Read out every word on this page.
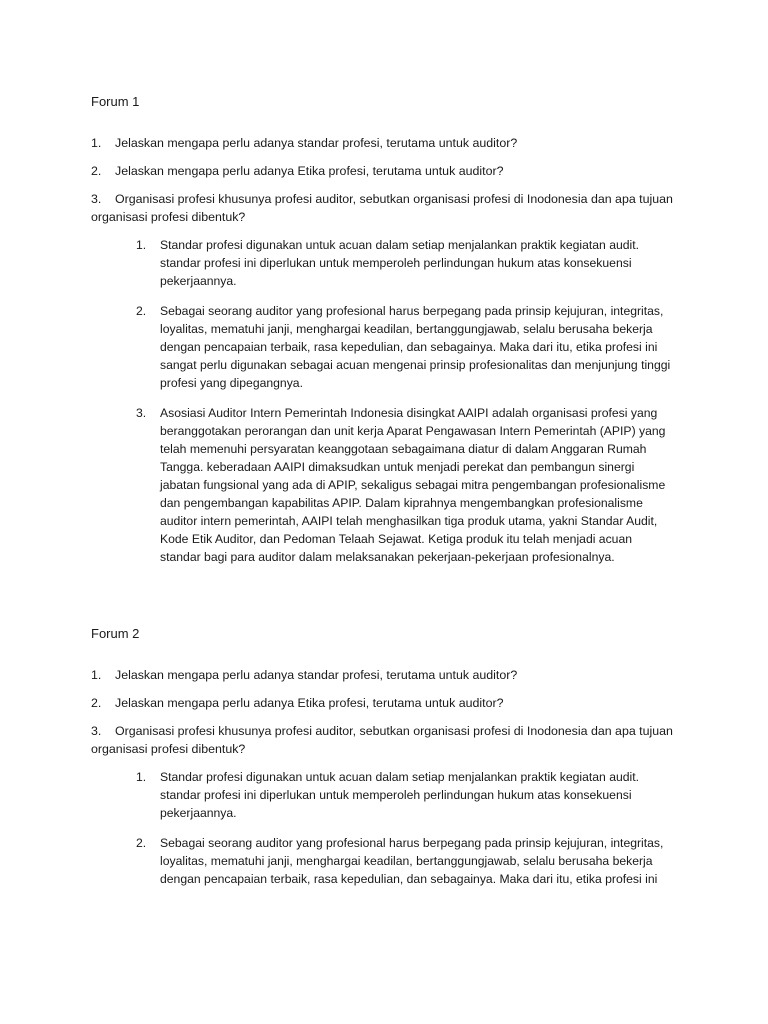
Forum 1

1. Jelaskan mengapa perlu adanya standar profesi, terutama untuk auditor?

2. Jelaskan mengapa perlu adanya Etika profesi, terutama untuk auditor?

3. Organisasi profesi khusunya profesi auditor, sebutkan organisasi profesi di Inodonesia dan apa tujuan organisasi profesi dibentuk?

1. Standar profesi digunakan untuk acuan dalam setiap menjalankan praktik kegiatan audit. standar profesi ini diperlukan untuk memperoleh perlindungan hukum atas konsekuensi pekerjaannya.
2. Sebagai seorang auditor yang profesional harus berpegang pada prinsip kejujuran, integritas, loyalitas, mematuhi janji, menghargai keadilan, bertanggungjawab, selalu berusaha bekerja dengan pencapaian terbaik, rasa kepedulian, dan sebagainya. Maka dari itu, etika profesi ini sangat perlu digunakan sebagai acuan mengenai prinsip profesionalitas dan menjunjung tinggi profesi yang dipegangnya.
3. Asosiasi Auditor Intern Pemerintah Indonesia disingkat AAIPI adalah organisasi profesi yang beranggotakan perorangan dan unit kerja Aparat Pengawasan Intern Pemerintah (APIP) yang telah memenuhi persyaratan keanggotaan sebagaimana diatur di dalam Anggaran Rumah Tangga. keberadaan AAIPI dimaksudkan untuk menjadi perekat dan pembangun sinergi jabatan fungsional yang ada di APIP, sekaligus sebagai mitra pengembangan profesionalisme dan pengembangan kapabilitas APIP. Dalam kiprahnya mengembangkan profesionalisme auditor intern pemerintah, AAIPI telah menghasilkan tiga produk utama, yakni Standar Audit, Kode Etik Auditor, dan Pedoman Telaah Sejawat. Ketiga produk itu telah menjadi acuan standar bagi para auditor dalam melaksanakan pekerjaan-pekerjaan profesionalnya.

Forum 2

1. Jelaskan mengapa perlu adanya standar profesi, terutama untuk auditor?

2. Jelaskan mengapa perlu adanya Etika profesi, terutama untuk auditor?

3. Organisasi profesi khusunya profesi auditor, sebutkan organisasi profesi di Inodonesia dan apa tujuan organisasi profesi dibentuk?

1. Standar profesi digunakan untuk acuan dalam setiap menjalankan praktik kegiatan audit. standar profesi ini diperlukan untuk memperoleh perlindungan hukum atas konsekuensi pekerjaannya.
2. Sebagai seorang auditor yang profesional harus berpegang pada prinsip kejujuran, integritas, loyalitas, mematuhi janji, menghargai keadilan, bertanggungjawab, selalu berusaha bekerja dengan pencapaian terbaik, rasa kepedulian, dan sebagainya. Maka dari itu, etika profesi ini
